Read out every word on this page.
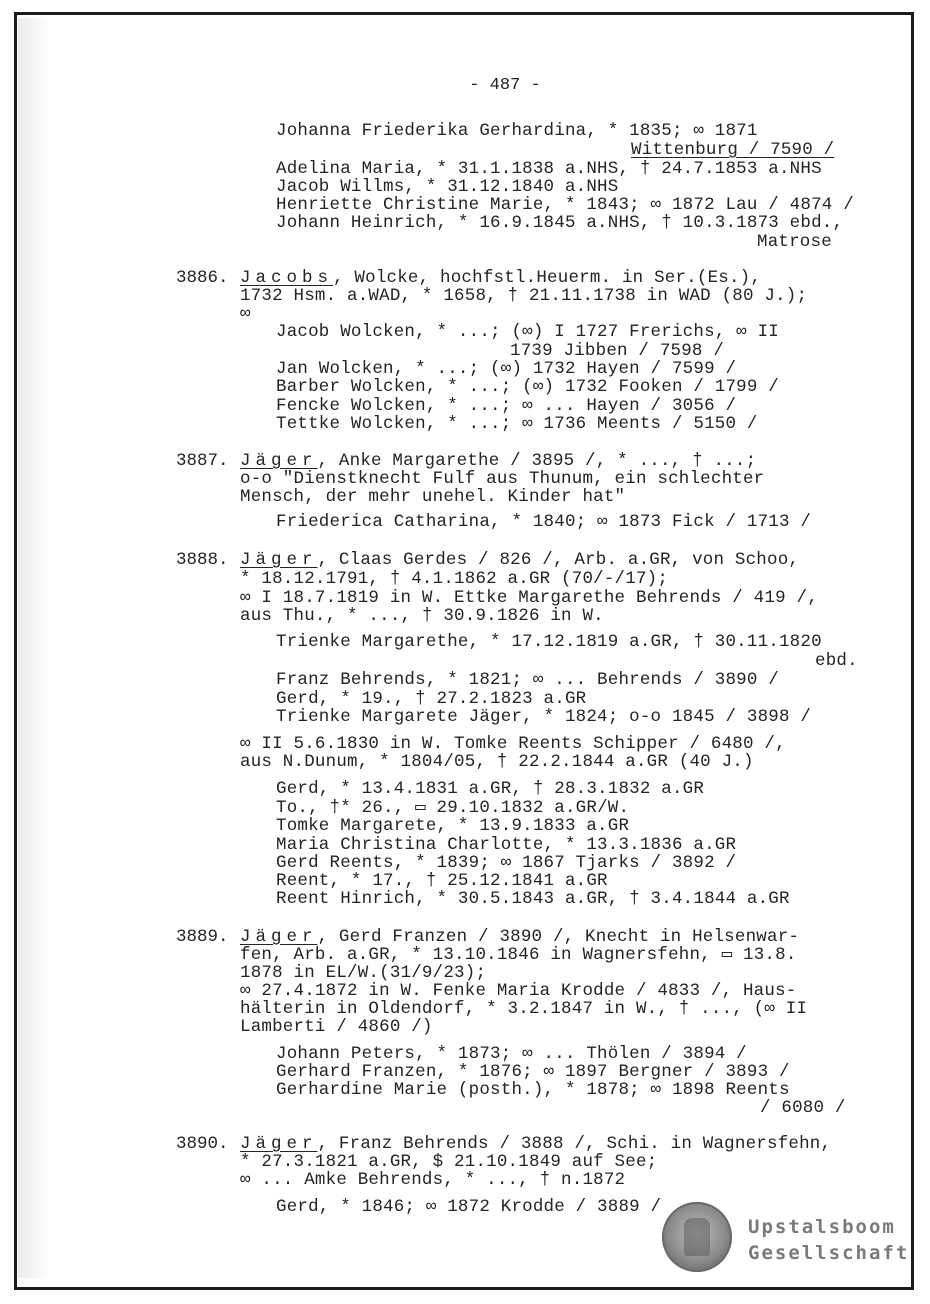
- 487 -
Johanna Friederika Gerhardina, * 1835; ∞ 1871
Wittenburg / 7590 /
Adelina Maria, * 31.1.1838 a.NHS, † 24.7.1853 a.NHS
Jacob Willms, * 31.12.1840 a.NHS
Henriette Christine Marie, * 1843; ∞ 1872 Lau / 4874 /
Johann Heinrich, * 16.9.1845 a.NHS, † 10.3.1873 ebd.,
Matrose
3886. Jacobs, Wolcke, hochfstl.Heuerm. in Ser.(Es.),
1732 Hsm. a.WAD, * 1658, † 21.11.1738 in WAD (80 J.);
∞
Jacob Wolcken, * ...; (∞) I 1727 Frerichs, ∞ II
1739 Jibben / 7598 /
Jan Wolcken, * ...; (∞) 1732 Hayen / 7599 /
Barber Wolcken, * ...; (∞) 1732 Fooken / 1799 /
Fencke Wolcken, * ...; ∞ ... Hayen / 3056 /
Tettke Wolcken, * ...; ∞ 1736 Meents / 5150 /
3887. Jäger, Anke Margarethe / 3895 /, * ..., † ...;
o-o "Dienstknecht Fulf aus Thunum, ein schlechter
Mensch, der mehr unehel. Kinder hat"
Friederica Catharina, * 1840; ∞ 1873 Fick / 1713 /
3888. Jäger, Claas Gerdes / 826 /, Arb. a.GR, von Schoo,
* 18.12.1791, † 4.1.1862 a.GR (70/-/17);
∞ I 18.7.1819 in W. Ettke Margarethe Behrends / 419 /,
aus Thu., * ..., † 30.9.1826 in W.
Trienke Margarethe, * 17.12.1819 a.GR, † 30.11.1820
ebd.
Franz Behrends, * 1821; ∞ ... Behrends / 3890 /
Gerd, * 19., † 27.2.1823 a.GR
Trienke Margarete Jäger, * 1824; o-o 1845 / 3898 /
∞ II 5.6.1830 in W. Tomke Reents Schipper / 6480 /,
aus N.Dunum, * 1804/05, † 22.2.1844 a.GR (40 J.)
Gerd, * 13.4.1831 a.GR, † 28.3.1832 a.GR
To., †* 26., ▭ 29.10.1832 a.GR/W.
Tomke Margarete, * 13.9.1833 a.GR
Maria Christina Charlotte, * 13.3.1836 a.GR
Gerd Reents, * 1839; ∞ 1867 Tjarks / 3892 /
Reent, * 17., † 25.12.1841 a.GR
Reent Hinrich, * 30.5.1843 a.GR, † 3.4.1844 a.GR
3889. Jäger, Gerd Franzen / 3890 /, Knecht in Helsenwar-
fen, Arb. a.GR, * 13.10.1846 in Wagnersfehn, ▭ 13.8.
1878 in EL/W.(31/9/23);
∞ 27.4.1872 in W. Fenke Maria Krodde / 4833 /, Haus-
hälterin in Oldendorf, * 3.2.1847 in W., † ..., (∞ II
Lamberti / 4860 /)
Johann Peters, * 1873; ∞ ... Thölen / 3894 /
Gerhard Franzen, * 1876; ∞ 1897 Bergner / 3893 /
Gerhardine Marie (posth.), * 1878; ∞ 1898 Reents
/ 6080 /
3890. Jäger, Franz Behrends / 3888 /, Schi. in Wagnersfehn,
* 27.3.1821 a.GR, $ 21.10.1849 auf See;
∞ ... Amke Behrends, * ..., † n.1872
Gerd, * 1846; ∞ 1872 Krodde / 3889 /
Upstalsboom
Gesellschaft
